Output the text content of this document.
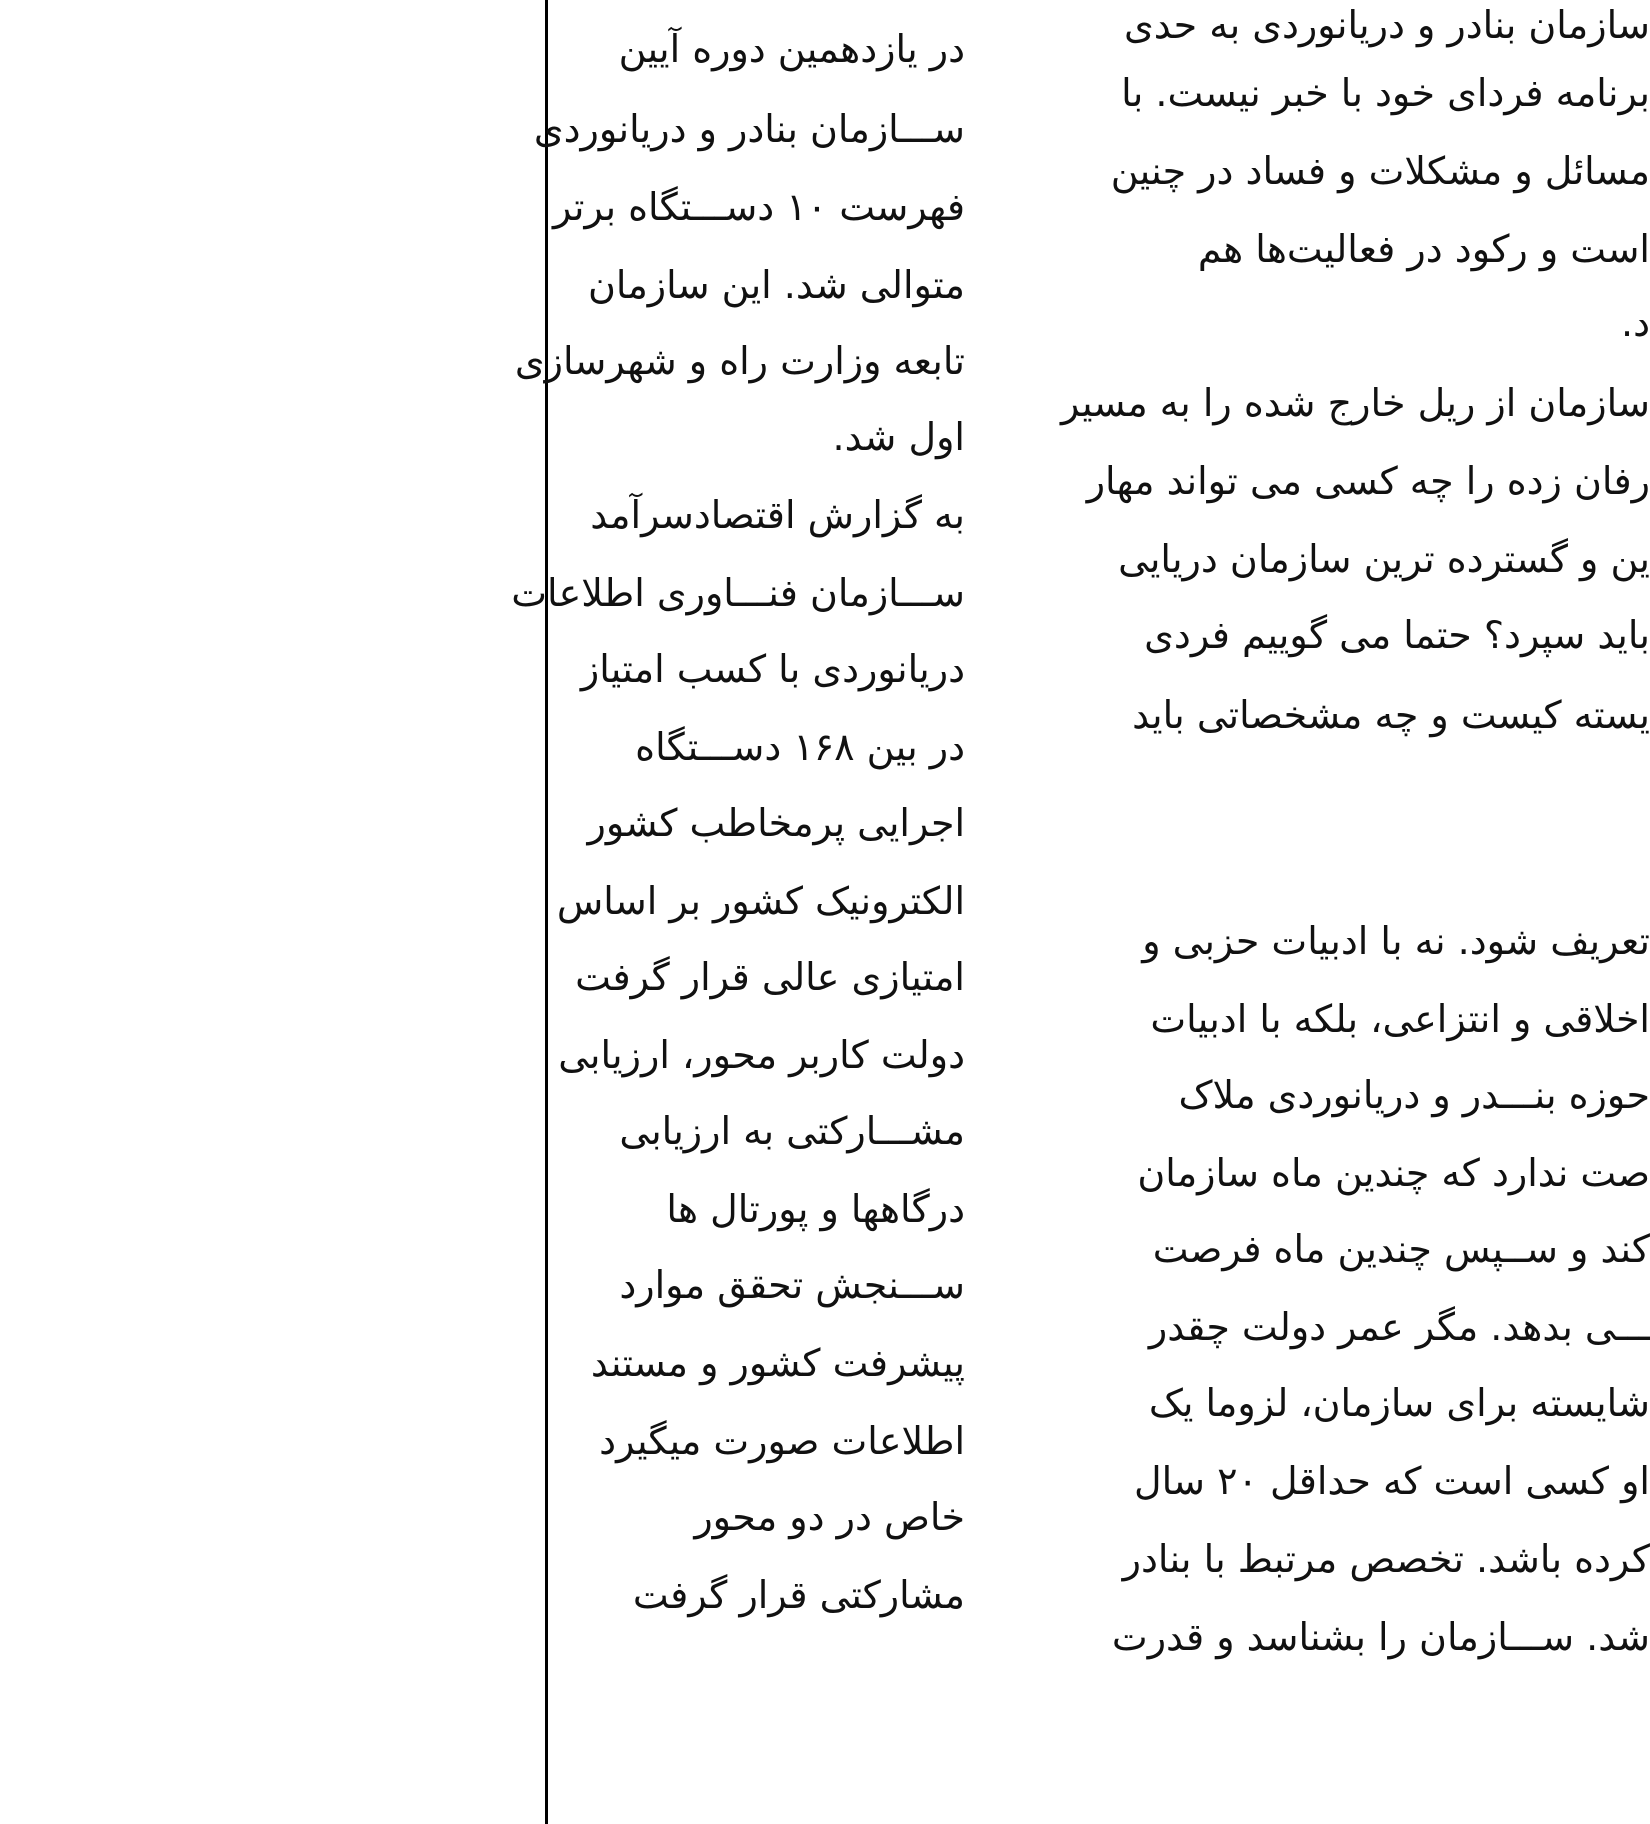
سازمان بنادر و دریانوردی به حدی
برنامه فردای خود با خبر نیست. با
مسائل و مشکلات و فساد در چنین
است و رکود در فعالیت‌ها هم
د.
سازمان از ریل خارج شده را به مسیر
رفان زده را چه کسی می تواند مهار
ین و گسترده ترین سازمان دریایی
باید سپرد؟ حتما می گوییم فردی
یسته کیست و چه مشخصاتی باید
تعریف شود. نه با ادبیات حزبی و
اخلاقی و انتزاعی، بلکه با ادبیات
حوزه بنـــدر و دریانوردی ملاک
صت ندارد که چندین ماه سازمان
کند و ســپس چندین ماه فرصت
ـــی بدهد. مگر عمر دولت چقدر
شایسته برای سازمان، لزوما یک
او کسی است که حداقل ۲۰ سال
کرده باشد. تخصص مرتبط با بنادر
شد. ســـازمان را بشناسد و قدرت
در یازدهمین دوره آیین
ســـازمان بنادر و دریانوردی
فهرست ۱۰ دســـتگاه برتر
متوالی شد. این سازمان
تابعه وزارت راه و شهرسازی
اول شد.
به گزارش اقتصادسرآمد
ســـازمان فنـــاوری اطلاعات
دریانوردی با کسب امتیاز
در بین ۱۶۸ دســـتگاه
اجرایی پرمخاطب کشور
الکترونیک کشور بر اساس
امتیازی عالی قرار گرفت
دولت کاربر محور، ارزیابی
مشـــارکتی به ارزیابی
درگاهها و پورتال ها
ســـنجش تحقق موارد
پیشرفت کشور و مستند
اطلاعات صورت میگیرد
خاص در دو محور
مشارکتی قرار گرفت
